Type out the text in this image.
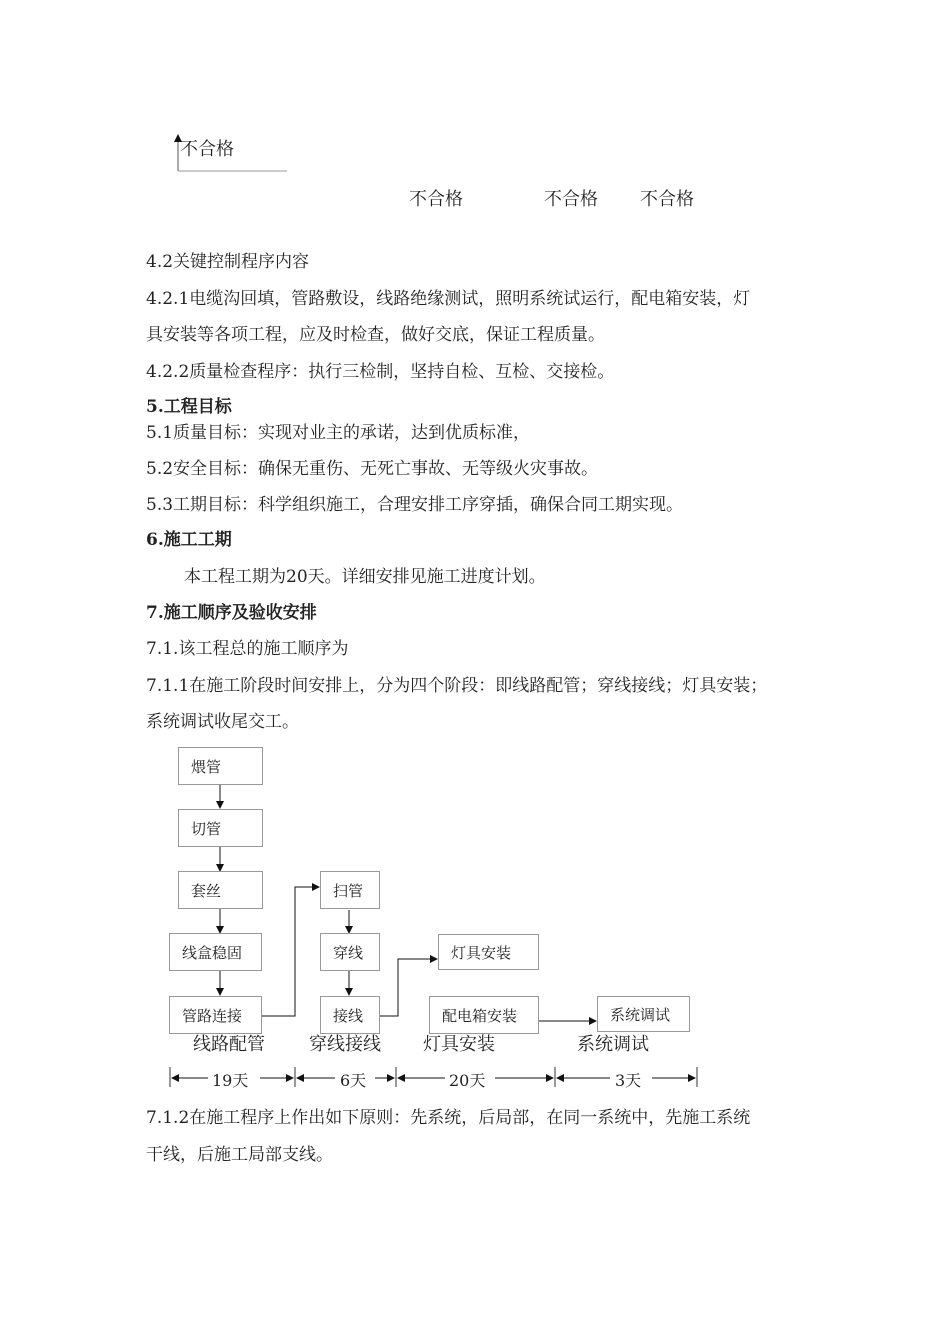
不合格
不合格	不合格 不合格
4.2关键控制程序内容
4.2.1电缆沟回填，管路敷设，线路绝缘测试，照明系统试运行，配电箱安装，灯
具安装等各项工程，应及时检查，做好交底，保证工程质量。
4.2.2质量检查程序：执行三检制，坚持自检、互检、交接检。
5.工程目标
5.1质量目标：实现对业主的承诺，达到优质标准，
5.2安全目标：确保无重伤、无死亡事故、无等级火灾事故。
5.3工期目标：科学组织施工，合理安排工序穿插，确保合同工期实现。
6.施工工期
本工程工期为20天。详细安排见施工进度计划。
7.施工顺序及验收安排
7.1.该工程总的施工顺序为
7.1.1在施工阶段时间安排上，分为四个阶段：即线路配管；穿线接线；灯具安装；
系统调试收尾交工。
煨管
切管
套丝
线盒稳固
管路连接
扫管
穿线
接线
灯具安装
配电箱安装	系统调试
线路配管 穿线接线 灯具安装	系统调试
19天	6天	20天	3天
7.1.2在施工程序上作出如下原则：先系统，后局部，在同一系统中，先施工系统
干线，后施工局部支线。
